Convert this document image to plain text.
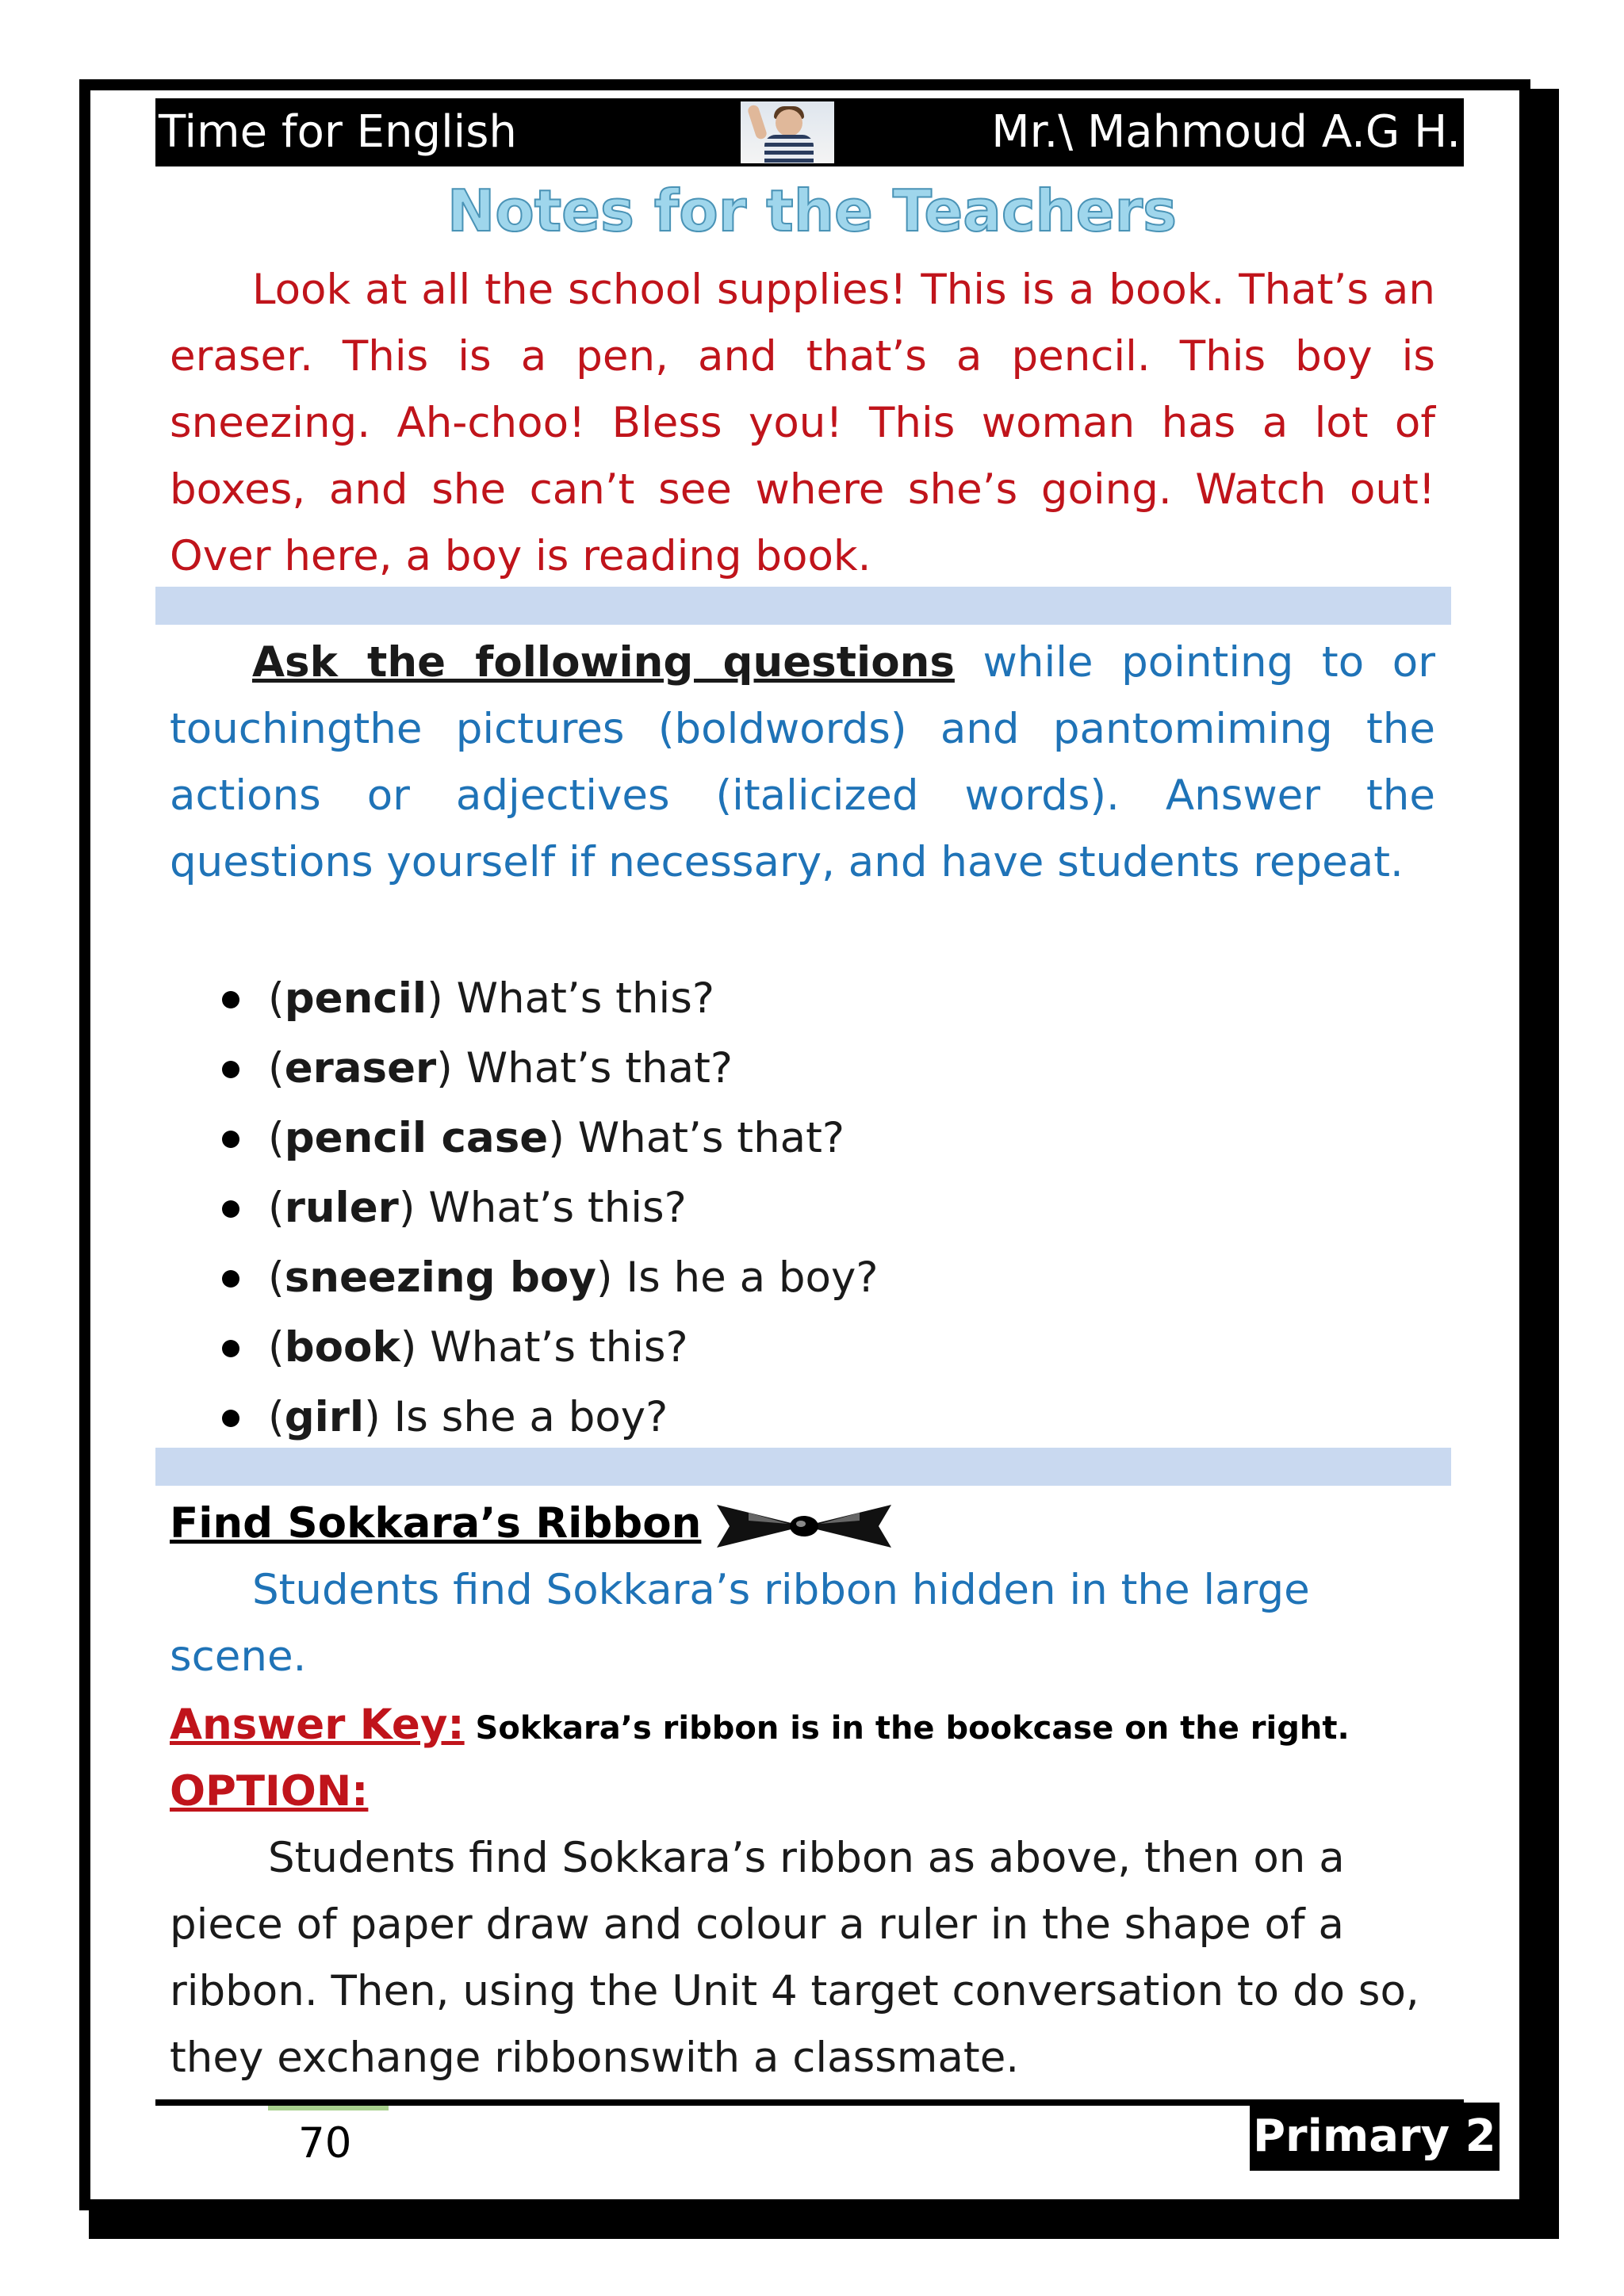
Time for English	Mr.\ Mahmoud A.G H.
Notes for the Teachers

Look at all the school supplies! This is a book. That’s an eraser. This is a pen, and that’s a pencil. This boy is sneezing. Ah-choo! Bless you! This woman has a lot of boxes, and she can’t see where she’s going. Watch out! Over here, a boy is reading book.

Ask the following questions while pointing to or touchingthe pictures (boldwords) and pantomiming the actions or adjectives (italicized words). Answer the questions yourself if necessary, and have students repeat.

(pencil) What’s this?
(eraser) What’s that?
(pencil case) What’s that?
(ruler) What’s this?
(sneezing boy) Is he a boy?
(book) What’s this?
(girl) Is she a boy?
Find Sokkara’s Ribbon

Students find Sokkara’s ribbon hidden in the large scene.

Answer Key: Sokkara’s ribbon is in the bookcase on the right.
OPTION:

Students find Sokkara’s ribbon as above, then on a piece of paper draw and colour a ruler in the shape of a ribbon. Then, using the Unit 4 target conversation to do so, they exchange ribbonswith a classmate.

70	Primary 2
